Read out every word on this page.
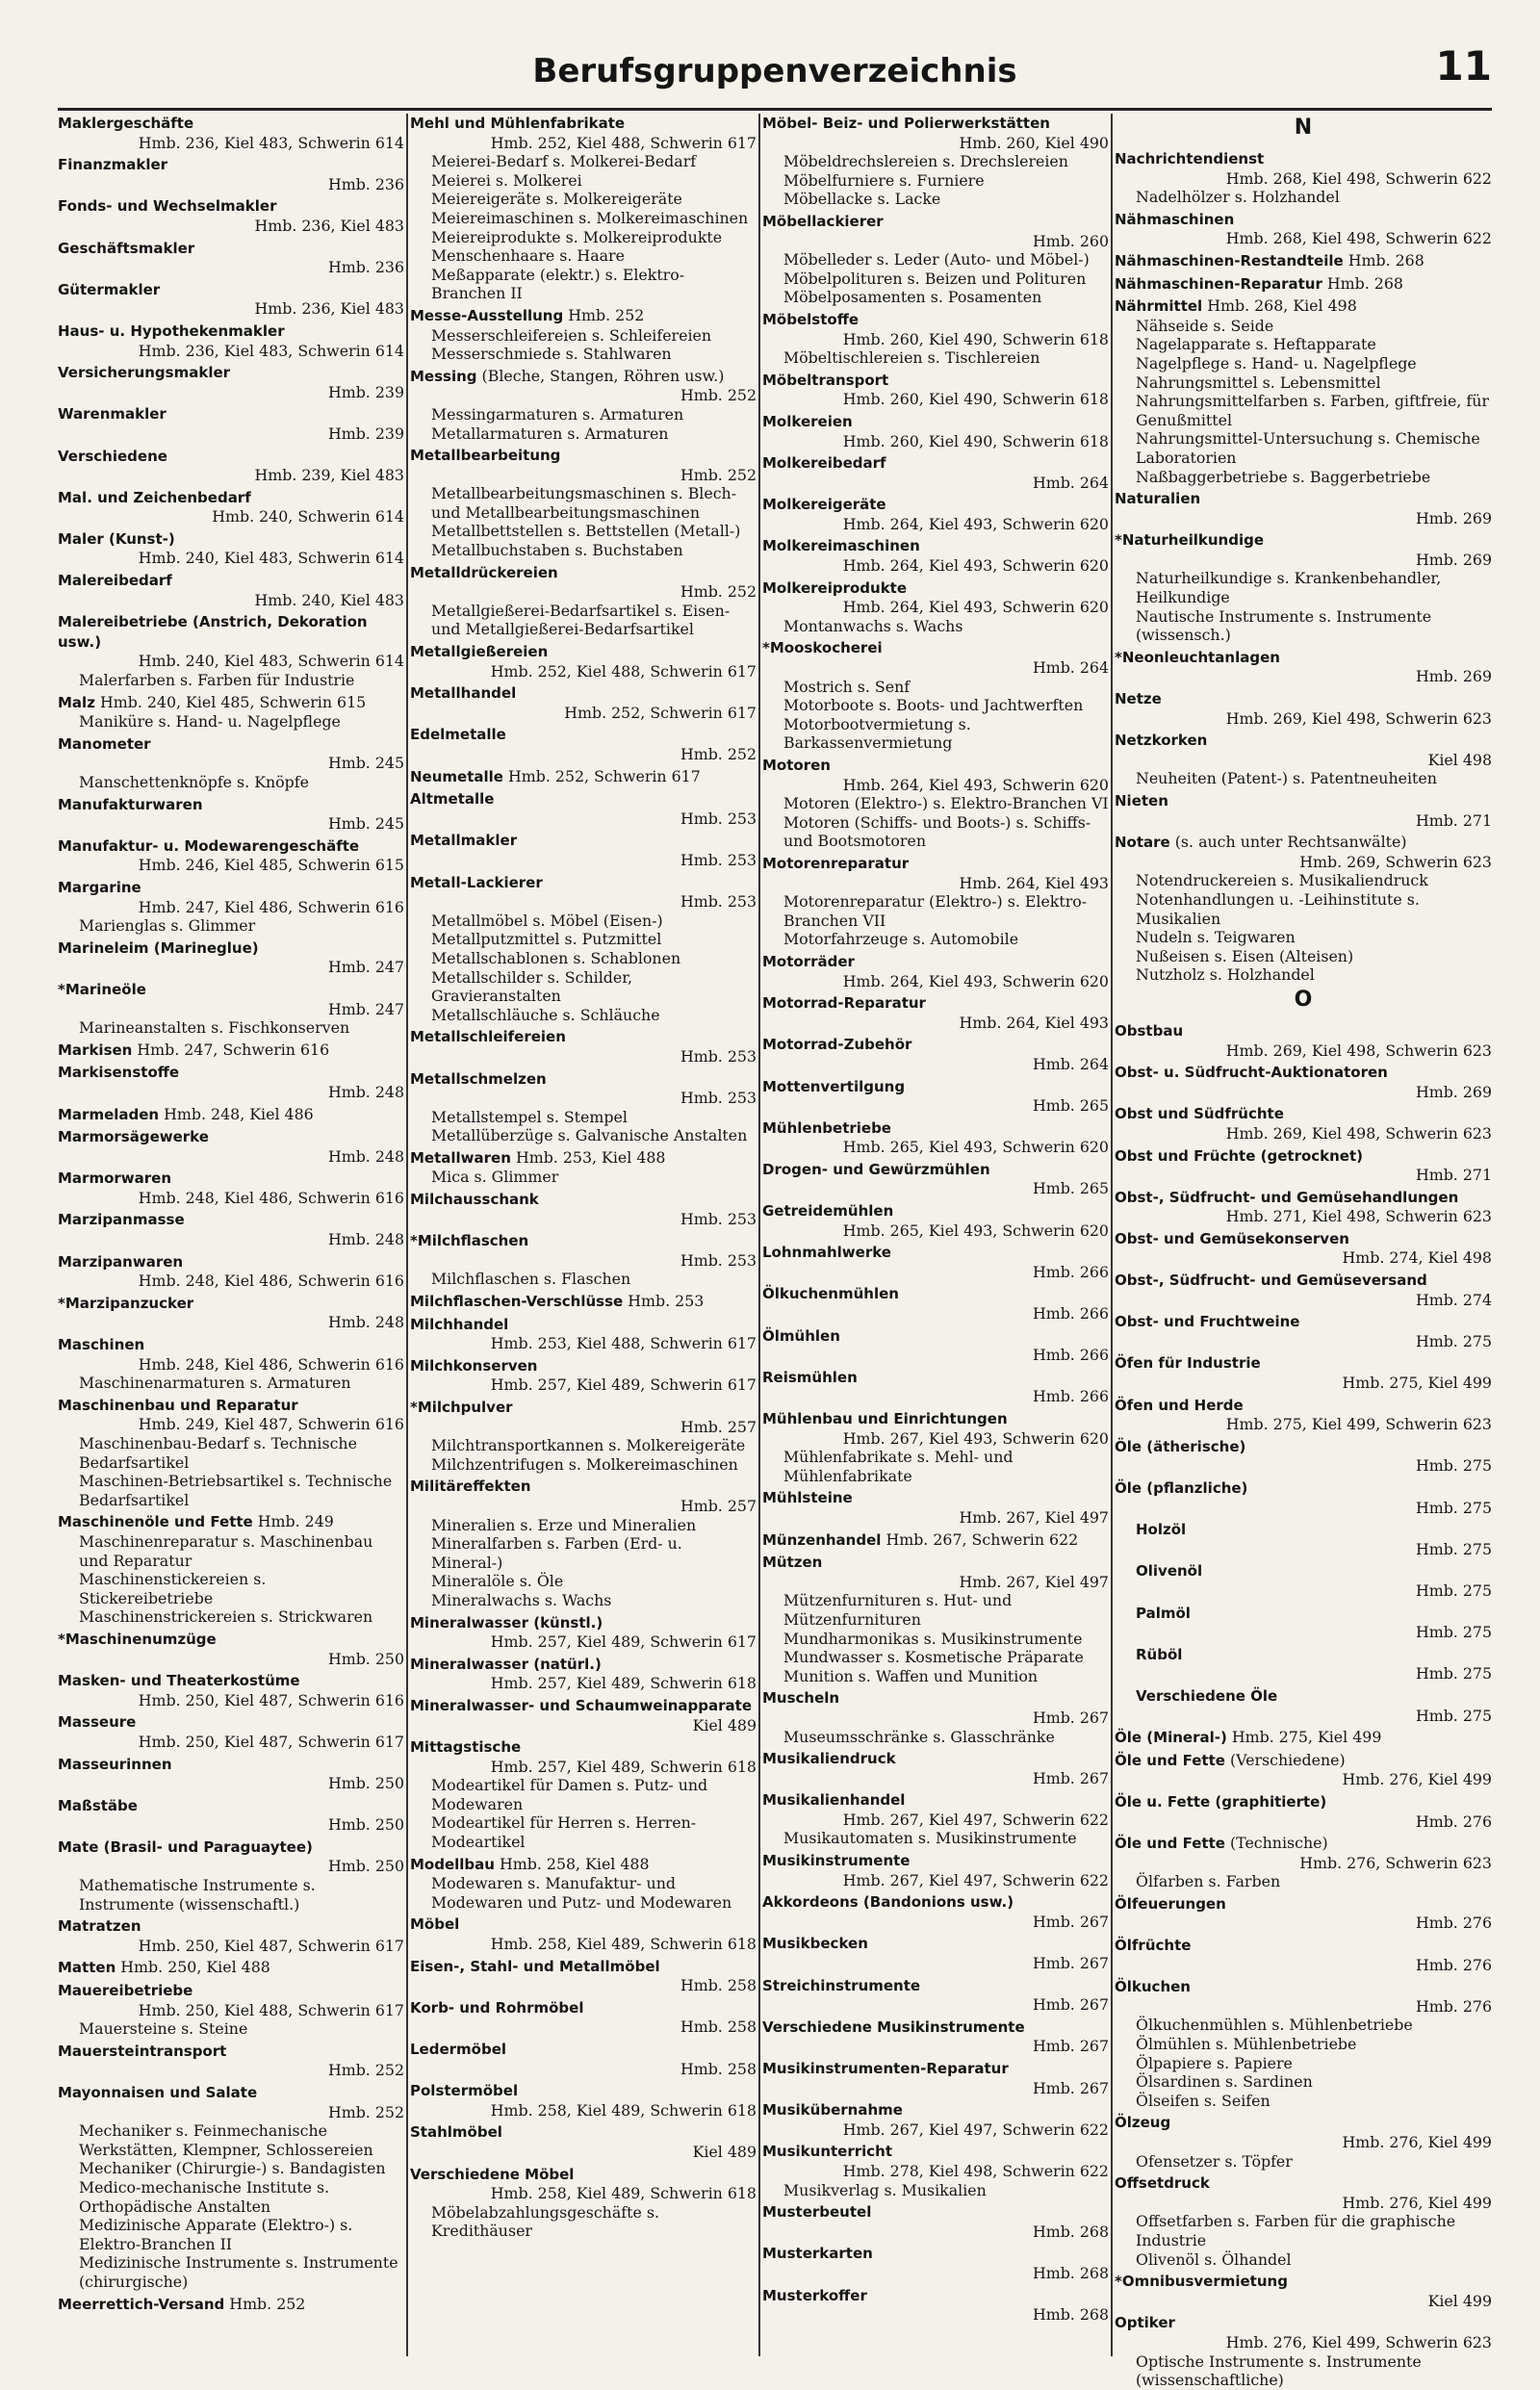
Berufsgruppenverzeichnis	11
Maklergeschäfte
Hmb. 236, Kiel 483, Schwerin 614
Finanzmakler
Hmb. 236
Fonds- und Wechselmakler
Hmb. 236, Kiel 483
Geschäftsmakler
Hmb. 236
Gütermakler
Hmb. 236, Kiel 483
Haus- u. Hypothekenmakler
Hmb. 236, Kiel 483, Schwerin 614
Versicherungsmakler
Hmb. 239
Warenmakler
Hmb. 239
Verschiedene
Hmb. 239, Kiel 483
Mal. und Zeichenbedarf
Hmb. 240, Schwerin 614
Maler (Kunst-)
Hmb. 240, Kiel 483, Schwerin 614
Malereibedarf
Hmb. 240, Kiel 483
Malereibetriebe (Anstrich, Dekoration usw.)
Hmb. 240, Kiel 483, Schwerin 614
Malerfarben s. Farben für Industrie
Malz Hmb. 240, Kiel 485, Schwerin 615
Maniküre s. Hand- u. Nagelpflege
Manometer
Hmb. 245
Manschettenknöpfe s. Knöpfe
Manufakturwaren
Hmb. 245
Manufaktur- u. Modewarengeschäfte
Hmb. 246, Kiel 485, Schwerin 615
Margarine
Hmb. 247, Kiel 486, Schwerin 616
Marienglas s. Glimmer
Marineleim (Marineglue)
Hmb. 247
*Marineöle
Hmb. 247
Marineanstalten s. Fischkonserven
Markisen Hmb. 247, Schwerin 616
Markisenstoffe
Hmb. 248
Marmeladen Hmb. 248, Kiel 486
Marmorsägewerke
Hmb. 248
Marmorwaren
Hmb. 248, Kiel 486, Schwerin 616
Marzipanmasse
Hmb. 248
Marzipanwaren
Hmb. 248, Kiel 486, Schwerin 616
*Marzipanzucker
Hmb. 248
Maschinen
Hmb. 248, Kiel 486, Schwerin 616
Maschinenarmaturen s. Armaturen
Maschinenbau und Reparatur
Hmb. 249, Kiel 487, Schwerin 616
Maschinenbau-Bedarf s. Technische Bedarfsartikel
Maschinen-Betriebsartikel s. Technische Bedarfsartikel
Maschinenöle und Fette Hmb. 249
Maschinenreparatur s. Maschinenbau und Reparatur
Maschinenstickereien s. Stickereibetriebe
Maschinenstrickereien s. Strickwaren
*Maschinenumzüge
Hmb. 250
Masken- und Theaterkostüme
Hmb. 250, Kiel 487, Schwerin 616
Masseure
Hmb. 250, Kiel 487, Schwerin 617
Masseurinnen
Hmb. 250
Maßstäbe
Hmb. 250
Mate (Brasil- und Paraguaytee)
Hmb. 250
Mathematische Instrumente s. Instrumente (wissenschaftl.)
Matratzen
Hmb. 250, Kiel 487, Schwerin 617
Matten Hmb. 250, Kiel 488
Mauereibetriebe
Hmb. 250, Kiel 488, Schwerin 617
Mauersteine s. Steine
Mauersteintransport
Hmb. 252
Mayonnaisen und Salate
Hmb. 252
Mechaniker s. Feinmechanische Werkstätten, Klempner, Schlossereien
Mechaniker (Chirurgie-) s. Bandagisten
Medico-mechanische Institute s. Orthopädische Anstalten
Medizinische Apparate (Elektro-) s. Elektro-Branchen II
Medizinische Instrumente s. Instrumente (chirurgische)
Meerrettich-Versand Hmb. 252
Mehl und Mühlenfabrikate
Hmb. 252, Kiel 488, Schwerin 617
Meierei-Bedarf s. Molkerei-Bedarf
Meierei s. Molkerei
Meiereigeräte s. Molkereigeräte
Meiereimaschinen s. Molkereimaschinen
Meiereiprodukte s. Molkereiprodukte
Menschenhaare s. Haare
Meßapparate (elektr.) s. Elektro-Branchen II
Messe-Ausstellung Hmb. 252
Messerschleifereien s. Schleifereien
Messerschmiede s. Stahlwaren
Messing (Bleche, Stangen, Röhren usw.)
Hmb. 252
Messingarmaturen s. Armaturen
Metallarmaturen s. Armaturen
Metallbearbeitung
Hmb. 252
Metallbearbeitungsmaschinen s. Blech- und Metallbearbeitungsmaschinen
Metallbettstellen s. Bettstellen (Metall-)
Metallbuchstaben s. Buchstaben
Metalldrückereien
Hmb. 252
Metallgießerei-Bedarfsartikel s. Eisen- und Metallgießerei-Bedarfsartikel
Metallgießereien
Hmb. 252, Kiel 488, Schwerin 617
Metallhandel
Hmb. 252, Schwerin 617
Edelmetalle
Hmb. 252
Neumetalle Hmb. 252, Schwerin 617
Altmetalle
Hmb. 253
Metallmakler
Hmb. 253
Metall-Lackierer
Hmb. 253
Metallmöbel s. Möbel (Eisen-)
Metallputzmittel s. Putzmittel
Metallschablonen s. Schablonen
Metallschilder s. Schilder, Gravieranstalten
Metallschläuche s. Schläuche
Metallschleifereien
Hmb. 253
Metallschmelzen
Hmb. 253
Metallstempel s. Stempel
Metallüberzüge s. Galvanische Anstalten
Metallwaren Hmb. 253, Kiel 488
Mica s. Glimmer
Milchausschank
Hmb. 253
*Milchflaschen
Hmb. 253
Milchflaschen s. Flaschen
Milchflaschen-Verschlüsse Hmb. 253
Milchhandel
Hmb. 253, Kiel 488, Schwerin 617
Milchkonserven
Hmb. 257, Kiel 489, Schwerin 617
*Milchpulver
Hmb. 257
Milchtransportkannen s. Molkereigeräte
Milchzentrifugen s. Molkereimaschinen
Militäreffekten
Hmb. 257
Mineralien s. Erze und Mineralien
Mineralfarben s. Farben (Erd- u. Mineral-)
Mineralöle s. Öle
Mineralwachs s. Wachs
Mineralwasser (künstl.)
Hmb. 257, Kiel 489, Schwerin 617
Mineralwasser (natürl.)
Hmb. 257, Kiel 489, Schwerin 618
Mineralwasser- und Schaumweinapparate
Kiel 489
Mittagstische
Hmb. 257, Kiel 489, Schwerin 618
Modeartikel für Damen s. Putz- und Modewaren
Modeartikel für Herren s. Herren-Modeartikel
Modellbau Hmb. 258, Kiel 488
Modewaren s. Manufaktur- und Modewaren und Putz- und Modewaren
Möbel
Hmb. 258, Kiel 489, Schwerin 618
Eisen-, Stahl- und Metallmöbel
Hmb. 258
Korb- und Rohrmöbel
Hmb. 258
Ledermöbel
Hmb. 258
Polstermöbel
Hmb. 258, Kiel 489, Schwerin 618
Stahlmöbel
Kiel 489
Verschiedene Möbel
Hmb. 258, Kiel 489, Schwerin 618
Möbelabzahlungsgeschäfte s. Kredithäuser
Möbel- Beiz- und Polierwerkstätten
Hmb. 260, Kiel 490
Möbeldrechslereien s. Drechslereien
Möbelfurniere s. Furniere
Möbellacke s. Lacke
Möbellackierer
Hmb. 260
Möbelleder s. Leder (Auto- und Möbel-)
Möbelpolituren s. Beizen und Polituren
Möbelposamenten s. Posamenten
Möbelstoffe
Hmb. 260, Kiel 490, Schwerin 618
Möbeltischlereien s. Tischlereien
Möbeltransport
Hmb. 260, Kiel 490, Schwerin 618
Molkereien
Hmb. 260, Kiel 490, Schwerin 618
Molkereibedarf
Hmb. 264
Molkereigeräte
Hmb. 264, Kiel 493, Schwerin 620
Molkereimaschinen
Hmb. 264, Kiel 493, Schwerin 620
Molkereiprodukte
Hmb. 264, Kiel 493, Schwerin 620
Montanwachs s. Wachs
*Mooskocherei
Hmb. 264
Mostrich s. Senf
Motorboote s. Boots- und Jachtwerften
Motorbootvermietung s. Barkassenvermietung
Motoren
Hmb. 264, Kiel 493, Schwerin 620
Motoren (Elektro-) s. Elektro-Branchen VI
Motoren (Schiffs- und Boots-) s. Schiffs- und Bootsmotoren
Motorenreparatur
Hmb. 264, Kiel 493
Motorenreparatur (Elektro-) s. Elektro-Branchen VII
Motorfahrzeuge s. Automobile
Motorräder
Hmb. 264, Kiel 493, Schwerin 620
Motorrad-Reparatur
Hmb. 264, Kiel 493
Motorrad-Zubehör
Hmb. 264
Mottenvertilgung
Hmb. 265
Mühlenbetriebe
Hmb. 265, Kiel 493, Schwerin 620
Drogen- und Gewürzmühlen
Hmb. 265
Getreidemühlen
Hmb. 265, Kiel 493, Schwerin 620
Lohnmahlwerke
Hmb. 266
Ölkuchenmühlen
Hmb. 266
Ölmühlen
Hmb. 266
Reismühlen
Hmb. 266
Mühlenbau und Einrichtungen
Hmb. 267, Kiel 493, Schwerin 620
Mühlenfabrikate s. Mehl- und Mühlenfabrikate
Mühlsteine
Hmb. 267, Kiel 497
Münzenhandel Hmb. 267, Schwerin 622
Mützen
Hmb. 267, Kiel 497
Mützenfurnituren s. Hut- und Mützenfurnituren
Mundharmonikas s. Musikinstrumente
Mundwasser s. Kosmetische Präparate
Munition s. Waffen und Munition
Muscheln
Hmb. 267
Museumsschränke s. Glasschränke
Musikaliendruck
Hmb. 267
Musikalienhandel
Hmb. 267, Kiel 497, Schwerin 622
Musikautomaten s. Musikinstrumente
Musikinstrumente
Hmb. 267, Kiel 497, Schwerin 622
Akkordeons (Bandonions usw.)
Hmb. 267
Musikbecken
Hmb. 267
Streichinstrumente
Hmb. 267
Verschiedene Musikinstrumente
Hmb. 267
Musikinstrumenten-Reparatur
Hmb. 267
Musikübernahme
Hmb. 267, Kiel 497, Schwerin 622
Musikunterricht
Hmb. 278, Kiel 498, Schwerin 622
Musikverlag s. Musikalien
Musterbeutel
Hmb. 268
Musterkarten
Hmb. 268
Musterkoffer
Hmb. 268
N
Nachrichtendienst
Hmb. 268, Kiel 498, Schwerin 622
Nadelhölzer s. Holzhandel
Nähmaschinen
Hmb. 268, Kiel 498, Schwerin 622
Nähmaschinen-Restandteile Hmb. 268
Nähmaschinen-Reparatur Hmb. 268
Nährmittel Hmb. 268, Kiel 498
Nähseide s. Seide
Nagelapparate s. Heftapparate
Nagelpflege s. Hand- u. Nagelpflege
Nahrungsmittel s. Lebensmittel
Nahrungsmittelfarben s. Farben, giftfreie, für Genußmittel
Nahrungsmittel-Untersuchung s. Chemische Laboratorien
Naßbaggerbetriebe s. Baggerbetriebe
Naturalien
Hmb. 269
*Naturheilkundige
Hmb. 269
Naturheilkundige s. Krankenbehandler, Heilkundige
Nautische Instrumente s. Instrumente (wissensch.)
*Neonleuchtanlagen
Hmb. 269
Netze
Hmb. 269, Kiel 498, Schwerin 623
Netzkorken
Kiel 498
Neuheiten (Patent-) s. Patentneuheiten
Nieten
Hmb. 271
Notare (s. auch unter Rechtsanwälte)
Hmb. 269, Schwerin 623
Notendruckereien s. Musikaliendruck
Notenhandlungen u. -Leihinstitute s. Musikalien
Nudeln s. Teigwaren
Nußeisen s. Eisen (Alteisen)
Nutzholz s. Holzhandel
O
Obstbau
Hmb. 269, Kiel 498, Schwerin 623
Obst- u. Südfrucht-Auktionatoren
Hmb. 269
Obst und Südfrüchte
Hmb. 269, Kiel 498, Schwerin 623
Obst und Früchte (getrocknet)
Hmb. 271
Obst-, Südfrucht- und Gemüsehandlungen
Hmb. 271, Kiel 498, Schwerin 623
Obst- und Gemüsekonserven
Hmb. 274, Kiel 498
Obst-, Südfrucht- und Gemüseversand
Hmb. 274
Obst- und Fruchtweine
Hmb. 275
Öfen für Industrie
Hmb. 275, Kiel 499
Öfen und Herde
Hmb. 275, Kiel 499, Schwerin 623
Öle (ätherische)
Hmb. 275
Öle (pflanzliche)
Hmb. 275
Holzöl
Hmb. 275
Olivenöl
Hmb. 275
Palmöl
Hmb. 275
Rüböl
Hmb. 275
Verschiedene Öle
Hmb. 275
Öle (Mineral-) Hmb. 275, Kiel 499
Öle und Fette (Verschiedene)
Hmb. 276, Kiel 499
Öle u. Fette (graphitierte)
Hmb. 276
Öle und Fette (Technische)
Hmb. 276, Schwerin 623
Ölfarben s. Farben
Ölfeuerungen
Hmb. 276
Ölfrüchte
Hmb. 276
Ölkuchen
Hmb. 276
Ölkuchenmühlen s. Mühlenbetriebe
Ölmühlen s. Mühlenbetriebe
Ölpapiere s. Papiere
Ölsardinen s. Sardinen
Ölseifen s. Seifen
Ölzeug
Hmb. 276, Kiel 499
Ofensetzer s. Töpfer
Offsetdruck
Hmb. 276, Kiel 499
Offsetfarben s. Farben für die graphische Industrie
Olivenöl s. Ölhandel
*Omnibusvermietung
Kiel 499
Optiker
Hmb. 276, Kiel 499, Schwerin 623
Optische Instrumente s. Instrumente (wissenschaftliche)
